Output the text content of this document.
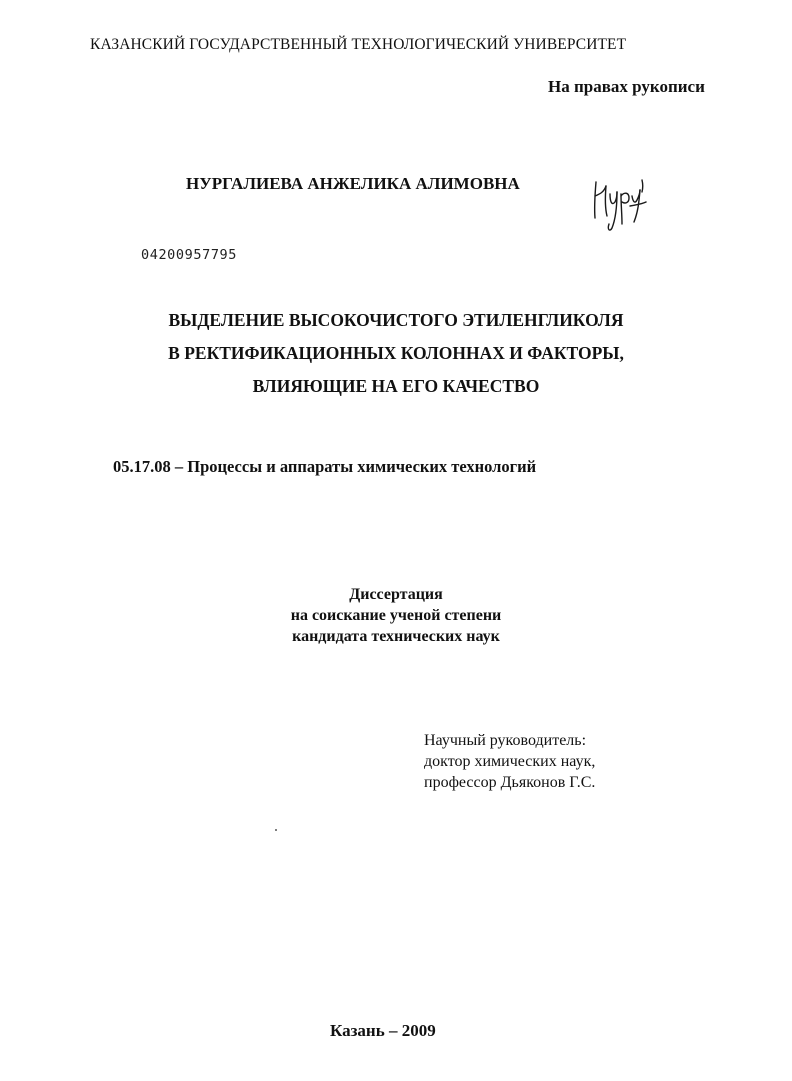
КАЗАНСКИЙ ГОСУДАРСТВЕННЫЙ ТЕХНОЛОГИЧЕСКИЙ УНИВЕРСИТЕТ
На правах рукописи
НУРГАЛИЕВА АНЖЕЛИКА АЛИМОВНА
04200957795
ВЫДЕЛЕНИЕ ВЫСОКОЧИСТОГО ЭТИЛЕНГЛИКОЛЯ
В РЕКТИФИКАЦИОННЫХ КОЛОННАХ И ФАКТОРЫ,
ВЛИЯЮЩИЕ НА ЕГО КАЧЕСТВО
05.17.08 – Процессы и аппараты химических технологий
Диссертация
на соискание ученой степени
кандидата технических наук
Научный руководитель:
доктор химических наук,
профессор Дьяконов Г.С.
Казань – 2009
